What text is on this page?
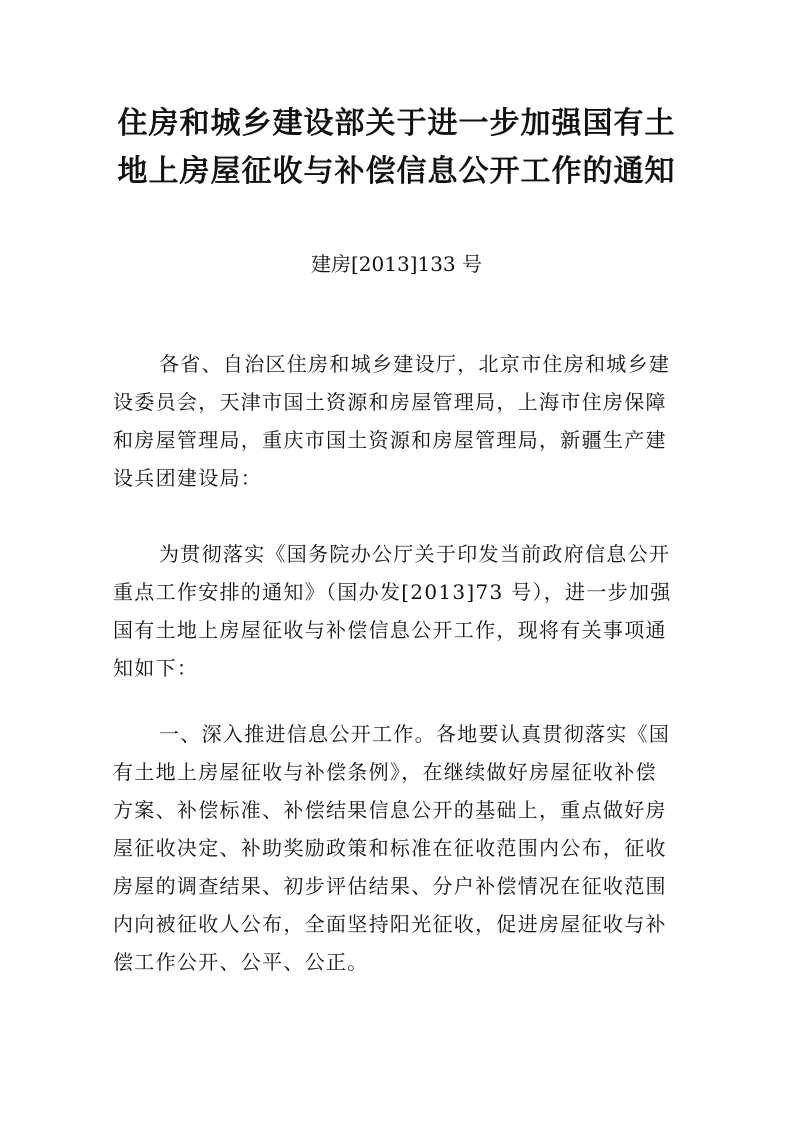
住房和城乡建设部关于进一步加强国有土
地上房屋征收与补偿信息公开工作的通知
建房[2013]133 号

各省、自治区住房和城乡建设厅，北京市住房和城乡建
设委员会，天津市国土资源和房屋管理局，上海市住房保障
和房屋管理局，重庆市国土资源和房屋管理局，新疆生产建
设兵团建设局：

为贯彻落实《国务院办公厅关于印发当前政府信息公开
重点工作安排的通知》（国办发[2013]73 号），进一步加强
国有土地上房屋征收与补偿信息公开工作，现将有关事项通
知如下：

一、深入推进信息公开工作。各地要认真贯彻落实《国
有土地上房屋征收与补偿条例》，在继续做好房屋征收补偿
方案、补偿标准、补偿结果信息公开的基础上，重点做好房
屋征收决定、补助奖励政策和标准在征收范围内公布，征收
房屋的调查结果、初步评估结果、分户补偿情况在征收范围
内向被征收人公布，全面坚持阳光征收，促进房屋征收与补
偿工作公开、公平、公正。
